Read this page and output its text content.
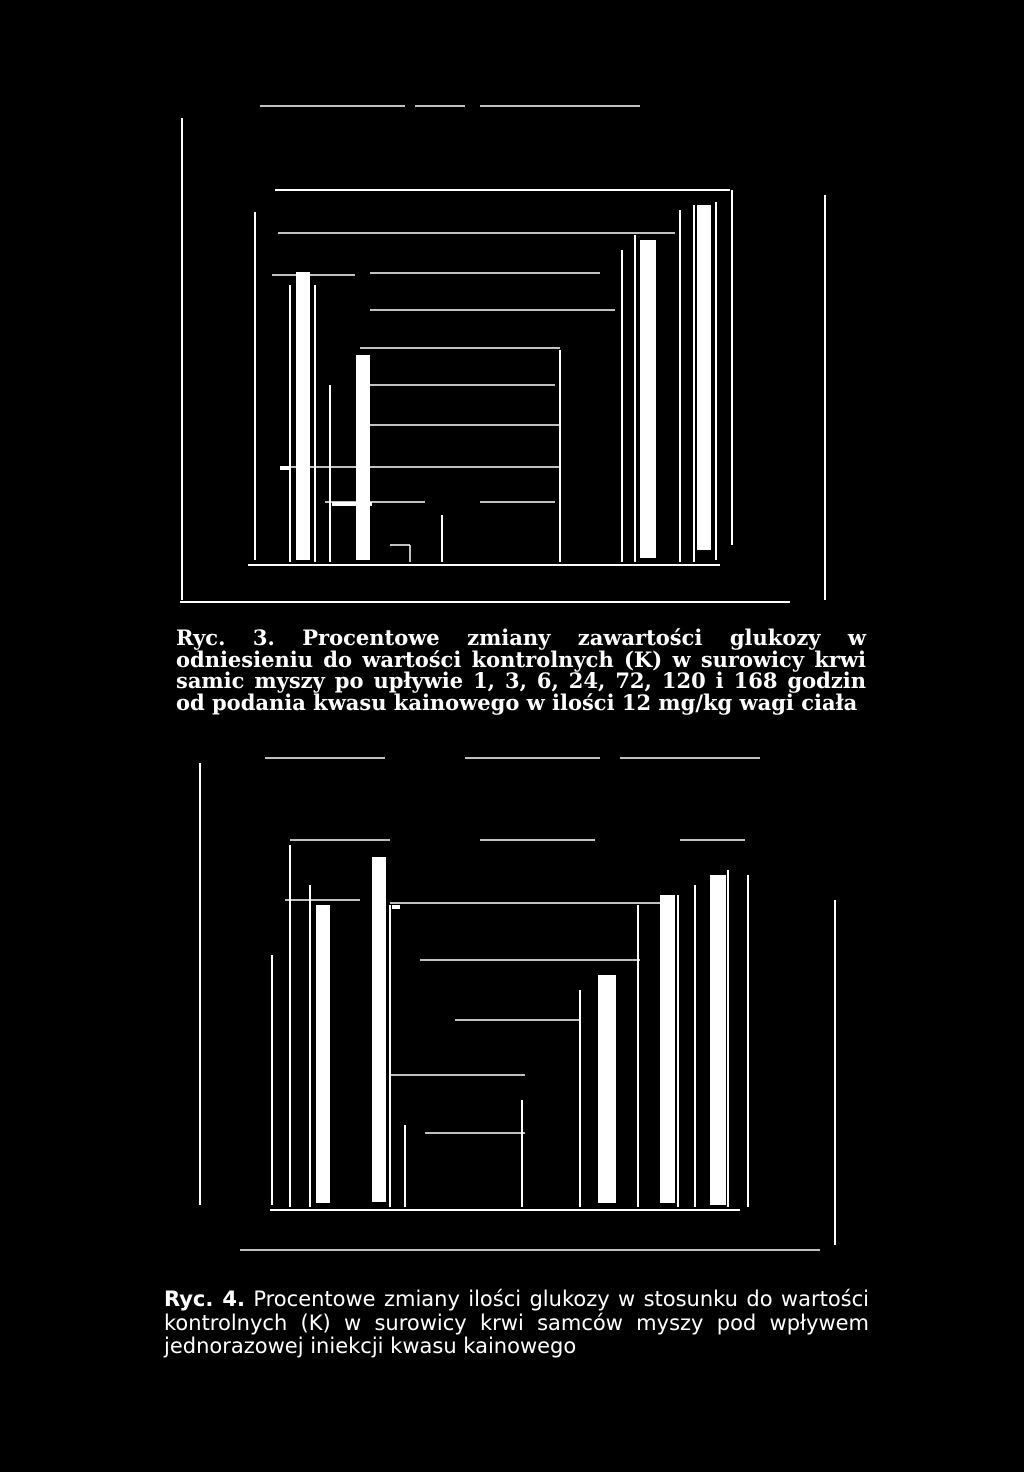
Ryc. 3. Procentowe zmiany zawartości glukozy w odniesieniu do wartości kontrolnych (K) w surowicy krwi samic myszy po upływie 1, 3, 6, 24, 72, 120 i 168 godzin od podania kwasu kainowego w ilości 12 mg/kg wagi ciała

Ryc. 4. Procentowe zmiany ilości glukozy w stosunku do wartości kontrolnych (K) w surowicy krwi samców myszy pod wpływem jednorazowej iniekcji kwasu kainowego
